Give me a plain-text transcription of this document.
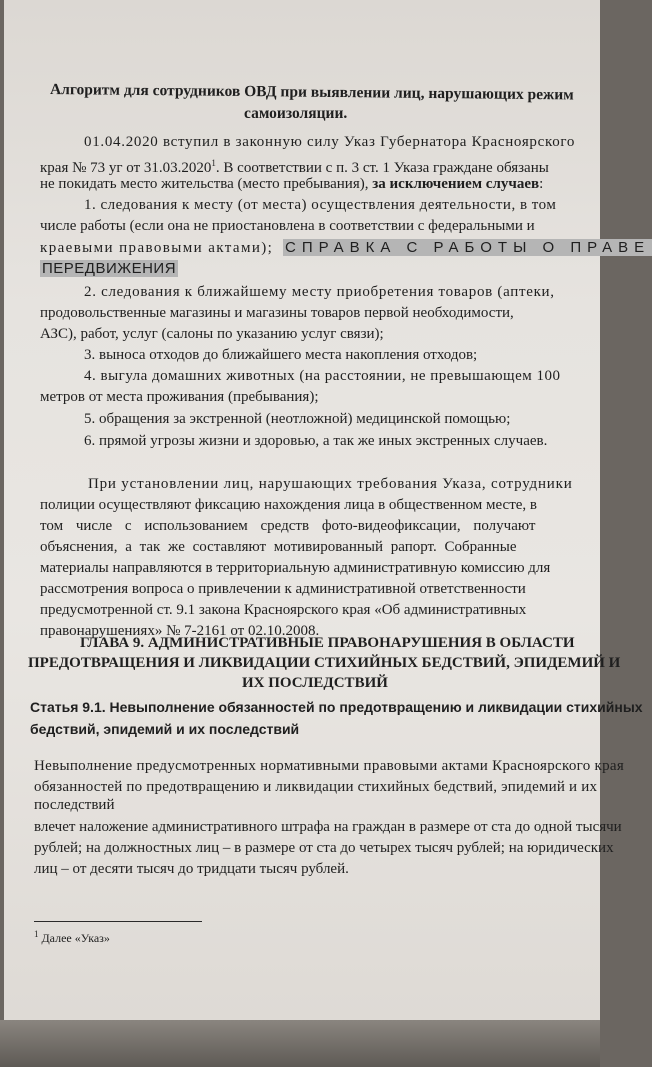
Алгоритм для сотрудников ОВД при выявлении лиц, нарушающих режим
самоизоляции.
01.04.2020 вступил в законную силу Указ Губернатора Красноярского
края № 73 уг от 31.03.2020$^1$. В соответствии с п. 3 ст. 1 Указа граждане обязаны
не покидать место жительства (место пребывания), за исключением случаев:
1. следования к месту (от места) осуществления деятельности, в том
числе работы (если она не приостановлена в соответствии с федеральными и
краевыми правовыми актами); СПРАВКА С РАБОТЫ О ПРАВЕ
ПЕРЕДВИЖЕНИЯ
2. следования к ближайшему месту приобретения товаров (аптеки,
продовольственные магазины и магазины товаров первой необходимости,
АЗС), работ, услуг (салоны по указанию услуг связи);
3. выноса отходов до ближайшего места накопления отходов;
4. выгула домашних животных (на расстоянии, не превышающем 100
метров от места проживания (пребывания);
5. обращения за экстренной (неотложной) медицинской помощью;
6. прямой угрозы жизни и здоровью, а так же иных экстренных случаев.
При установлении лиц, нарушающих требования Указа, сотрудники
полиции осуществляют фиксацию нахождения лица в общественном месте, в
том числе с использованием средств фото-видеофиксации, получают
объяснения, а так же составляют мотивированный рапорт. Собранные
материалы направляются в территориальную административную комиссию для
рассмотрения вопроса о привлечении к административной ответственности
предусмотренной ст. 9.1 закона Красноярского края «Об административных
правонарушениях» № 7-2161 от 02.10.2008.
ГЛАВА 9. АДМИНИСТРАТИВНЫЕ ПРАВОНАРУШЕНИЯ В ОБЛАСТИ
ПРЕДОТВРАЩЕНИЯ И ЛИКВИДАЦИИ СТИХИЙНЫХ БЕДСТВИЙ, ЭПИДЕМИЙ И
ИХ ПОСЛЕДСТВИЙ
Статья 9.1. Невыполнение обязанностей по предотвращению и ликвидации стихийных
бедствий, эпидемий и их последствий
Невыполнение предусмотренных нормативными правовыми актами Красноярского края
обязанностей по предотвращению и ликвидации стихийных бедствий, эпидемий и их
последствий
влечет наложение административного штрафа на граждан в размере от ста до одной тысячи
рублей; на должностных лиц – в размере от ста до четырех тысяч рублей; на юридических
лиц – от десяти тысяч до тридцати тысяч рублей.
$^1$ Далее «Указ»
